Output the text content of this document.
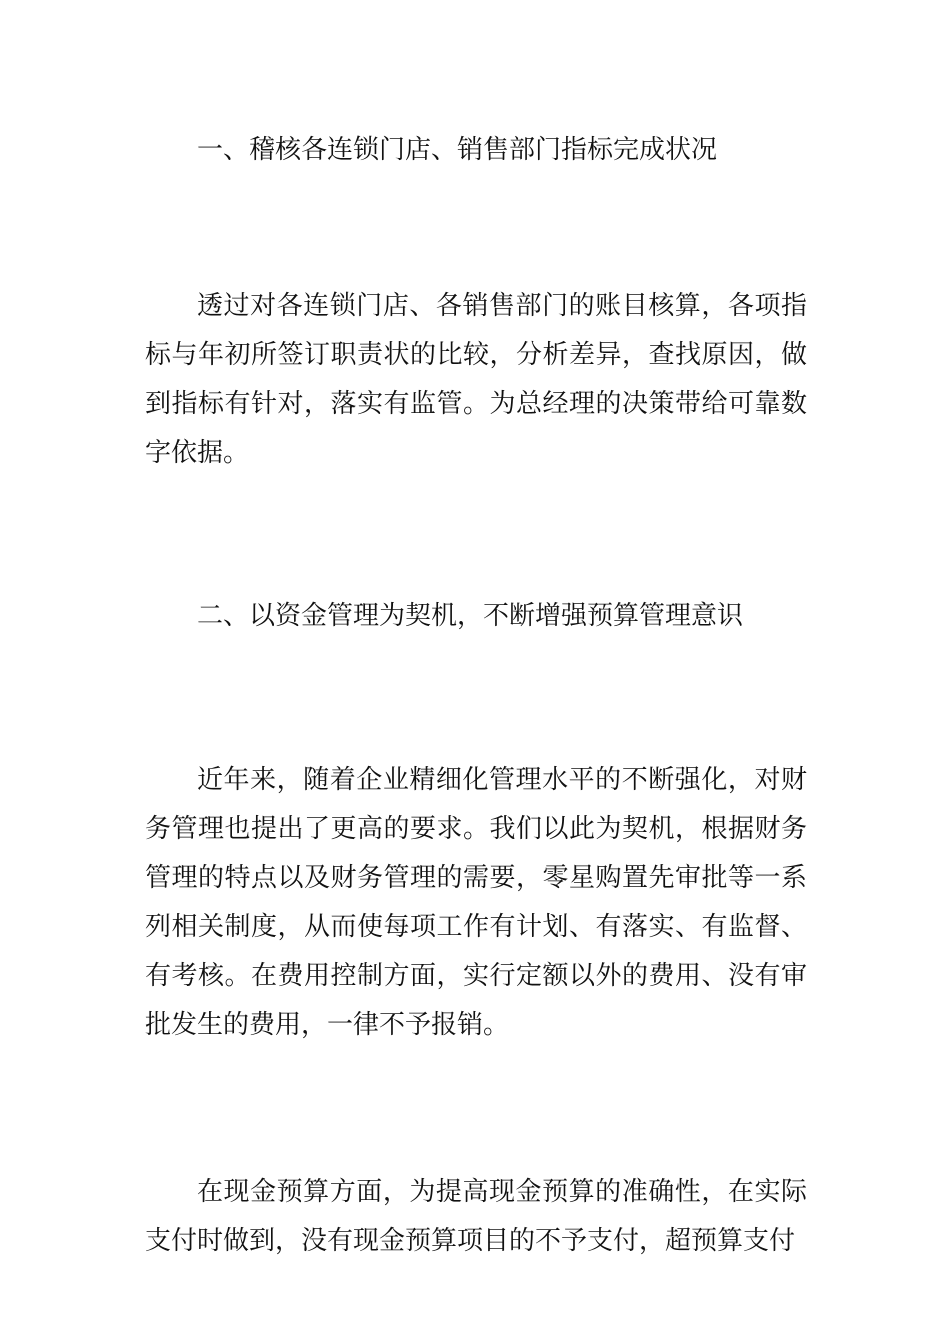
一、稽核各连锁门店、销售部门指标完成状况

透过对各连锁门店、各销售部门的账目核算，各项指标与年初所签订职责状的比较，分析差异，查找原因，做到指标有针对，落实有监管。为总经理的决策带给可靠数字依据。

二、以资金管理为契机，不断增强预算管理意识

近年来，随着企业精细化管理水平的不断强化，对财务管理也提出了更高的要求。我们以此为契机，根据财务管理的特点以及财务管理的需要，零星购置先审批等一系列相关制度，从而使每项工作有计划、有落实、有监督、有考核。在费用控制方面，实行定额以外的费用、没有审批发生的费用，一律不予报销。

在现金预算方面，为提高现金预算的准确性，在实际支付时做到，没有现金预算项目的不予支付，超预算支付
